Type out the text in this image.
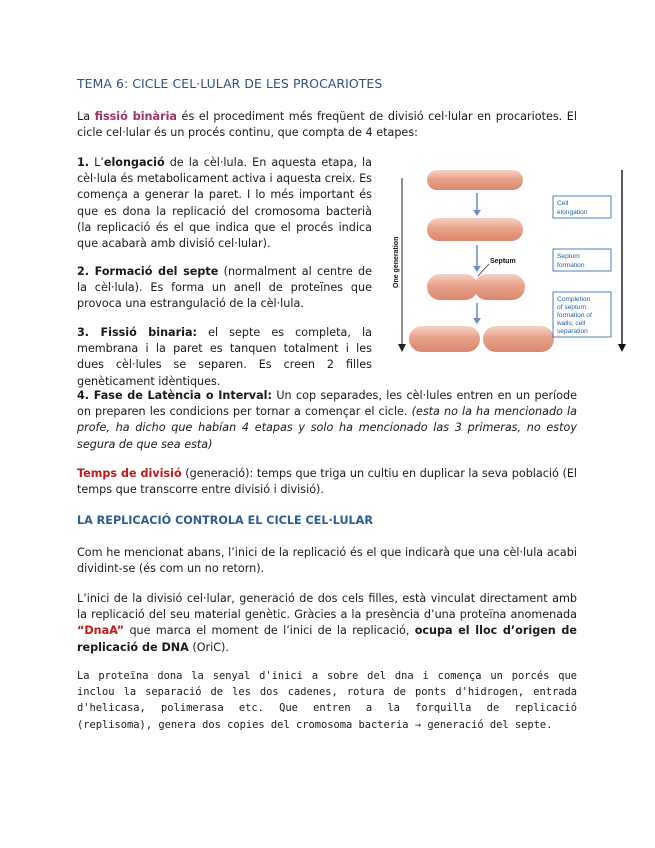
TEMA 6: CICLE CEL·LULAR DE LES PROCARIOTES
La fissió binària és el procediment més freqüent de divisió cel·lular en procariotes. El cicle cel·lular és un procés continu, que compta de 4 etapes:
1. L’elongació de la cèl·lula. En aquesta etapa, la cèl·lula és metabolicament activa i aquesta creix. Es comença a generar la paret. I lo més important és que es dona la replicació del cromosoma bacterià (la replicació és el que indica que el procés indica que acabarà amb divisió cel·lular).
2. Formació del septe (normalment al centre de la cèl·lula). Es forma un anell de proteïnes que provoca una estrangulació de la cèl·lula.
3. Fissió binaria: el septe es completa, la membrana i la paret es tanquen totalment i les dues cèl·lules se separen. Es creen 2 filles genèticament idèntiques.
One generation	Septum
Cell
elongation
Septum
formation
Completion
of septum;
formation of
walls; cell
separation
4. Fase de Latència o Interval: Un cop separades, les cèl·lules entren en un període on preparen les condicions per tornar a començar el cicle. (esta no la ha mencionado la profe, ha dicho que habían 4 etapas y solo ha mencionado las 3 primeras, no estoy segura de que sea esta)
Temps de divisió (generació): temps que triga un cultiu en duplicar la seva població (El temps que transcorre entre divisió i divisió).
LA REPLICACIÓ CONTROLA EL CICLE CEL·LULAR
Com he mencionat abans, l’inici de la replicació és el que indicarà que una cèl·lula acabi dividint-se (és com un no retorn).
L’inici de la divisió cel·lular, generació de dos cels filles, està vinculat directament amb la replicació del seu material genètic. Gràcies a la presència d’una proteïna anomenada “DnaA” que marca el moment de l’inici de la replicació, ocupa el lloc d’origen de replicació de DNA (OriC).
La proteïna dona la senyal d'inici a sobre del dna i comença un porcés que inclou la separació de les dos cadenes, rotura de ponts d'hidrogen, entrada d'helicasa, polimerasa etc. Que entren a la forquilla de replicació (replisoma), genera dos copies del cromosoma bacteria → generació del septe.
